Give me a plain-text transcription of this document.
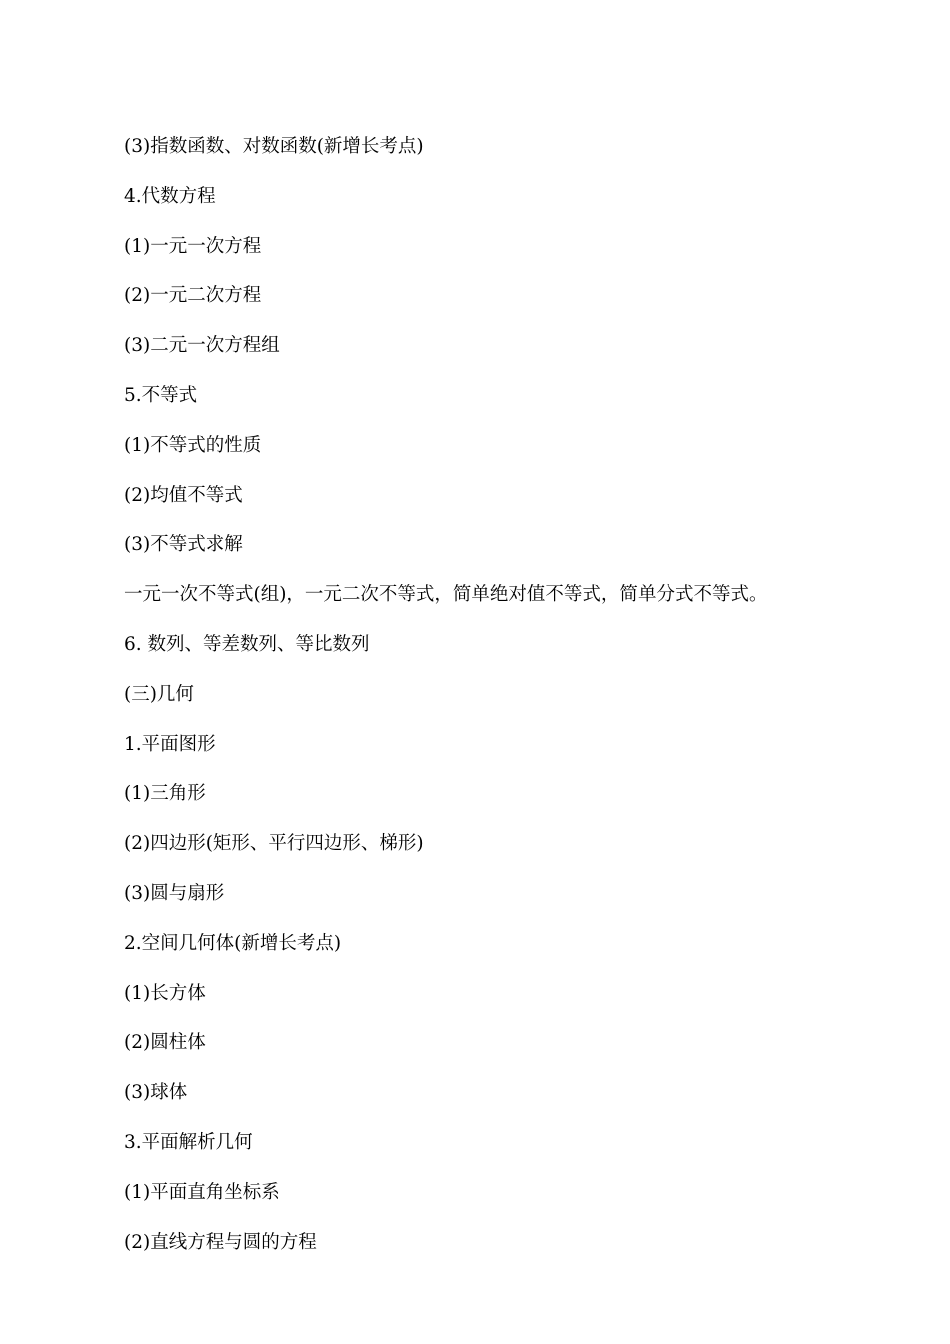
(3)指数函数、对数函数(新增长考点)

4.代数方程

(1)一元一次方程

(2)一元二次方程

(3)二元一次方程组

5.不等式

(1)不等式的性质

(2)均值不等式

(3)不等式求解

一元一次不等式(组)，一元二次不等式，简单绝对值不等式，简单分式不等式。

6. 数列、等差数列、等比数列

(三)几何

1.平面图形

(1)三角形

(2)四边形(矩形、平行四边形、梯形)

(3)圆与扇形

2.空间几何体(新增长考点)

(1)长方体

(2)圆柱体

(3)球体

3.平面解析几何

(1)平面直角坐标系

(2)直线方程与圆的方程
